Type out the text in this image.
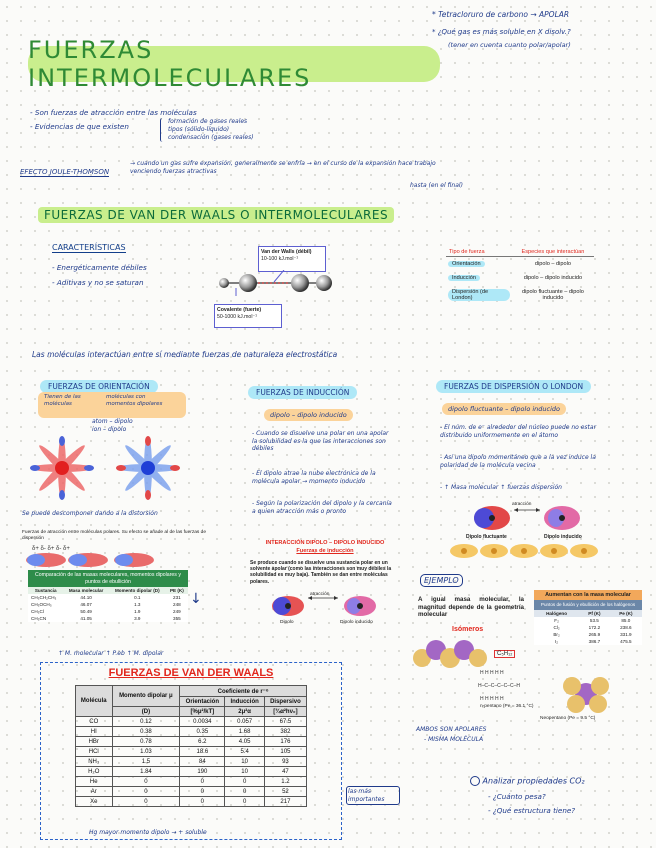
* Tetracloruro de carbono → APOLAR
* ¿Qué gas es más soluble en X disolv.?
(tener en cuenta cuanto polar/apolar)
FUERZAS INTERMOLECULARES
- Son fuerzas de atracción entre las moléculas
- Evidencias de que existen
formación de gases reales
tipos (sólido-líquido)
condensación (gases reales)
EFECTO JOULE-THOMSON
→ cuando un gas sufre expansión, generalmente se enfría → en el curso de la expansión hace trabajo venciendo fuerzas atractivas
hasta (en el final)
FUERZAS DE VAN DER WAALS O INTERMOLECULARES
CARACTERÍSTICAS
- Energéticamente débiles
- Aditivas y no se saturan
Van der Walls (débil)
10-100 kJ.mol⁻¹
Covalente (fuerte)
50-1000 kJ.mol⁻¹
Tipo de fuerza	Especies que interactúan
Orientación	dipolo – dipolo
Inducción	dipolo – dipolo inducido
Dispersión (de London)	dipolo fluctuante – dipolo inducido
Las moléculas interactúan entre sí mediante fuerzas de naturaleza electrostática
FUERZAS DE ORIENTACIÓN
Tienen de las moléculas
moléculas con momentos dipolares
atom – dipolo
ion – dipolo
Se puede descomponer dando a la distorsión
Fuerzas de atracción entre moléculas polares. Su efecto se añade al de las fuerzas de dispersión
δ+ δ- δ+ δ- δ+
Comparación de las masas moleculares, momentos dipolares y puntos de ebullición
Sustancia	Masa molecular	Momento dipolar (D)	PE (K)
CH₃CH₂CH₃	44.10	0.1	231
CH₃OCH₃	46.07	1.3	248
CH₃Cl	50.49	1.9	249
CH₃CN	41.05	3.9	355
↓
↑ M. molecular ↑ P.eb ↑ M. dipolar
FUERZAS DE INDUCCIÓN
dipolo – dipolo inducido
- Cuando se disuelve una polar en una apolar la solubilidad es la que las interacciones son débiles
- El dipolo atrae la nube electrónica de la molécula apolar → momento inducido
- Según la polarización del dipolo y la cercanía a quien atracción más o pronto
INTERACCIÓN DIPOLO – DIPOLO INDUCIDO
Fuerzas de inducción
Se produce cuando se disuelve una sustancia polar en un solvente apolar (como las interacciones son muy débiles la solubilidad es muy baja). También se dan entre moléculas polares.
atracción
Dipolo	Dipolo inducido
FUERZAS DE DISPERSIÓN O LONDON
dipolo fluctuante – dipolo inducido
- El núm. de e⁻ alrededor del núcleo puede no estar distribuido uniformemente en el átomo
- Así una dipolo momentáneo que a la vez induce la polaridad de la molécula vecina
- ↑ Masa molecular ↑ fuerzas dispersión
atracción
Dipolo fluctuante	Dipolo inducido
EJEMPLO
A igual masa molecular, la magnitud depende de la geometría molecular
Isómeros
C₅H₁₂
H H H H H
H–C–C–C–C–C–H
H H H H H
n-pentano (Pe = 36.1 °C)
Neopentano (Pe = 9.5 °C)
AMBOS SON APOLARES
- MISMA MOLÉCULA
Aumentan con la masa molecular
Puntos de fusión y ebullición de los halógenos
Halógeno	Pf (K)	Pe (K)
F₂	53.5	85.0
Cl₂	172.2	238.6
Br₂	265.9	331.9
I₂	386.7	475.5
FUERZAS DE VAN DER WAALS
Molécula	Momento dipolar μ	Coeficiente de r⁻⁶		
		Orientación	Inducción	Dispersivo
	(D)	[%μ²/kT]	2μ²α	[¾α²hν₀]
CO	0.12	0.0034	0.057	67.5
HI	0.38	0.35	1.68	382
HBr	0.78	6.2	4.05	176
HCl	1.03	18.6	5.4	105
NH₃	1.5	84	10	93
H₂O	1.84	190	10	47
He	0	0	0	1.2
Ar	0	0	0	52
Xe	0	0	0	217
Hg mayor momento dipolo → + soluble
las más importantes
Analizar propiedades CO₂
- ¿Cuánto pesa?
- ¿Qué estructura tiene?
